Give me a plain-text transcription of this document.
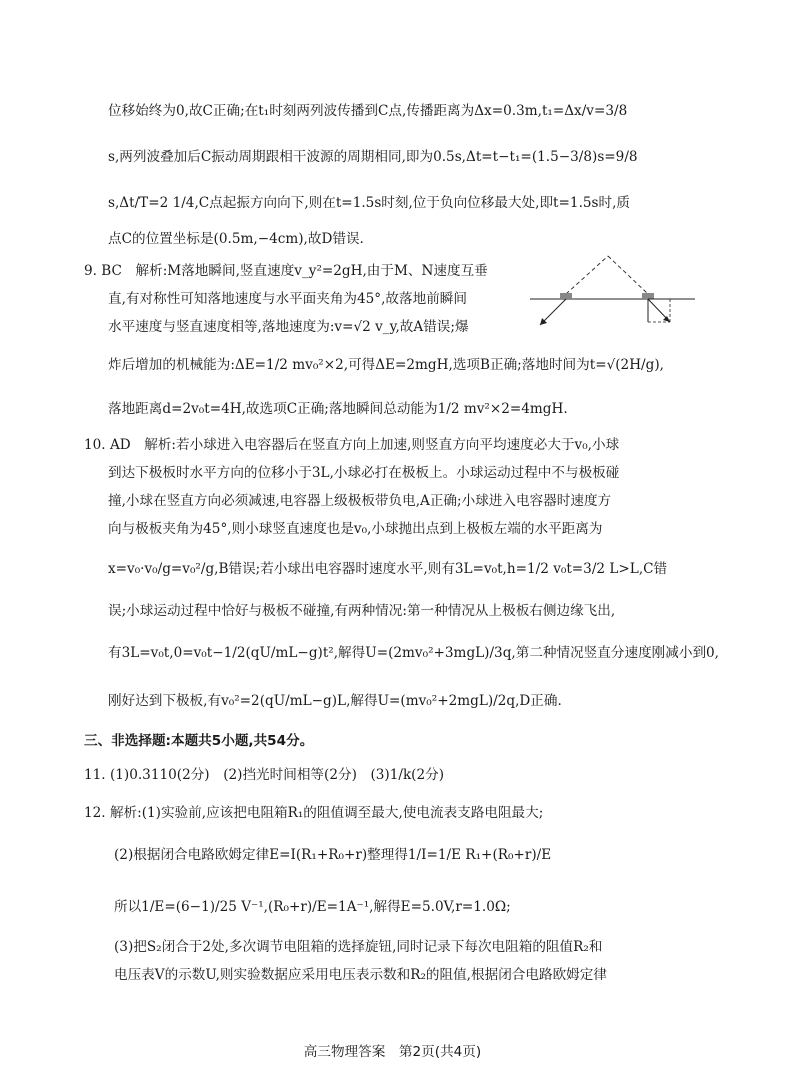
位移始终为0,故C正确;在t₁时刻两列波传播到C点,传播距离为Δx=0.3m,t₁=Δx/v=3/8
s,两列波叠加后C振动周期跟相干波源的周期相同,即为0.5s,Δt=t−t₁=(1.5−3/8)s=9/8
s,Δt/T=2 1/4,C点起振方向向下,则在t=1.5s时刻,位于负向位移最大处,即t=1.5s时,质
点C的位置坐标是(0.5m,−4cm),故D错误.
9. BC　解析:M落地瞬间,竖直速度v_y²=2gH,由于M、N速度互垂
直,有对称性可知落地速度与水平面夹角为45°,故落地前瞬间
水平速度与竖直速度相等,落地速度为:v=√2 v_y,故A错误;爆
炸后增加的机械能为:ΔE=1/2 mv₀²×2,可得ΔE=2mgH,选项B正确;落地时间为t=√(2H/g),
落地距离d=2v₀t=4H,故选项C正确;落地瞬间总动能为1/2 mv²×2=4mgH.
10. AD　解析:若小球进入电容器后在竖直方向上加速,则竖直方向平均速度必大于v₀,小球
到达下极板时水平方向的位移小于3L,小球必打在极板上。小球运动过程中不与极板碰
撞,小球在竖直方向必须减速,电容器上级极板带负电,A正确;小球进入电容器时速度方
向与极板夹角为45°,则小球竖直速度也是v₀,小球抛出点到上极板左端的水平距离为
x=v₀·v₀/g=v₀²/g,B错误;若小球出电容器时速度水平,则有3L=v₀t,h=1/2 v₀t=3/2 L>L,C错
误;小球运动过程中恰好与极板不碰撞,有两种情况:第一种情况从上极板右侧边缘飞出,
有3L=v₀t,0=v₀t−1/2(qU/mL−g)t²,解得U=(2mv₀²+3mgL)/3q,第二种情况竖直分速度刚减小到0,
刚好达到下极板,有v₀²=2(qU/mL−g)L,解得U=(mv₀²+2mgL)/2q,D正确.
三、非选择题:本题共5小题,共54分。
11. (1)0.3110(2分)　(2)挡光时间相等(2分)　(3)1/k(2分)
12. 解析:(1)实验前,应该把电阻箱R₁的阻值调至最大,使电流表支路电阻最大;
(2)根据闭合电路欧姆定律E=I(R₁+R₀+r)整理得1/I=1/E R₁+(R₀+r)/E
所以1/E=(6−1)/25 V⁻¹,(R₀+r)/E=1A⁻¹,解得E=5.0V,r=1.0Ω;
(3)把S₂闭合于2处,多次调节电阻箱的选择旋钮,同时记录下每次电阻箱的阻值R₂和
电压表V的示数U,则实验数据应采用电压表示数和R₂的阻值,根据闭合电路欧姆定律
高三物理答案　第2页(共4页)
